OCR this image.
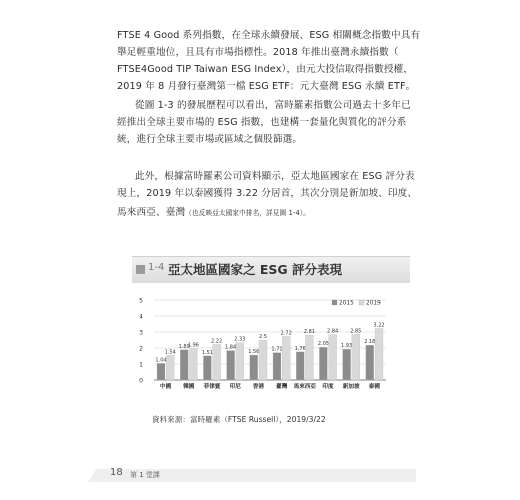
FTSE 4 Good 系列指數，在全球永續發展、ESG 相關概念指數中具有
舉足輕重地位，且具有市場指標性。2018 年推出臺灣永續指數（
FTSE4Good TIP Taiwan ESG Index），由元大投信取得指數授權，
2019 年 8 月發行臺灣第一檔 ESG ETF：元大臺灣 ESG 永續 ETF。
從圖 1-3 的發展歷程可以看出，富時羅素指數公司過去十多年已
經推出全球主要市場的 ESG 指數，也建構一套量化與質化的評分系
統，進行全球主要市場或區域之個股篩選。
此外，根據富時羅素公司資料顯示，亞太地區國家在 ESG 評分表
現上，2019 年以泰國獲得 3.22 分居首，其次分別是新加坡、印度、
馬來西亞、臺灣（也反映亞太國家中排名，詳見圖 1-4）。
1-4 亞太地區國家之 ESG 評分表現
0
1
2
3
4
5
1.04
1.54
中國
1.89
1.96
韓國
1.51
2.22
菲律賓
1.84
2.33
印尼
1.56
2.5
香港
1.71
2.72
臺灣
1.76
2.81
馬來西亞
2.05
2.84
印度
1.93
2.85
新加坡
2.18
3.22
泰國
2015 2019
資料來源：富時羅素（FTSE Russell），2019/3/22
18 第 1 堂課
